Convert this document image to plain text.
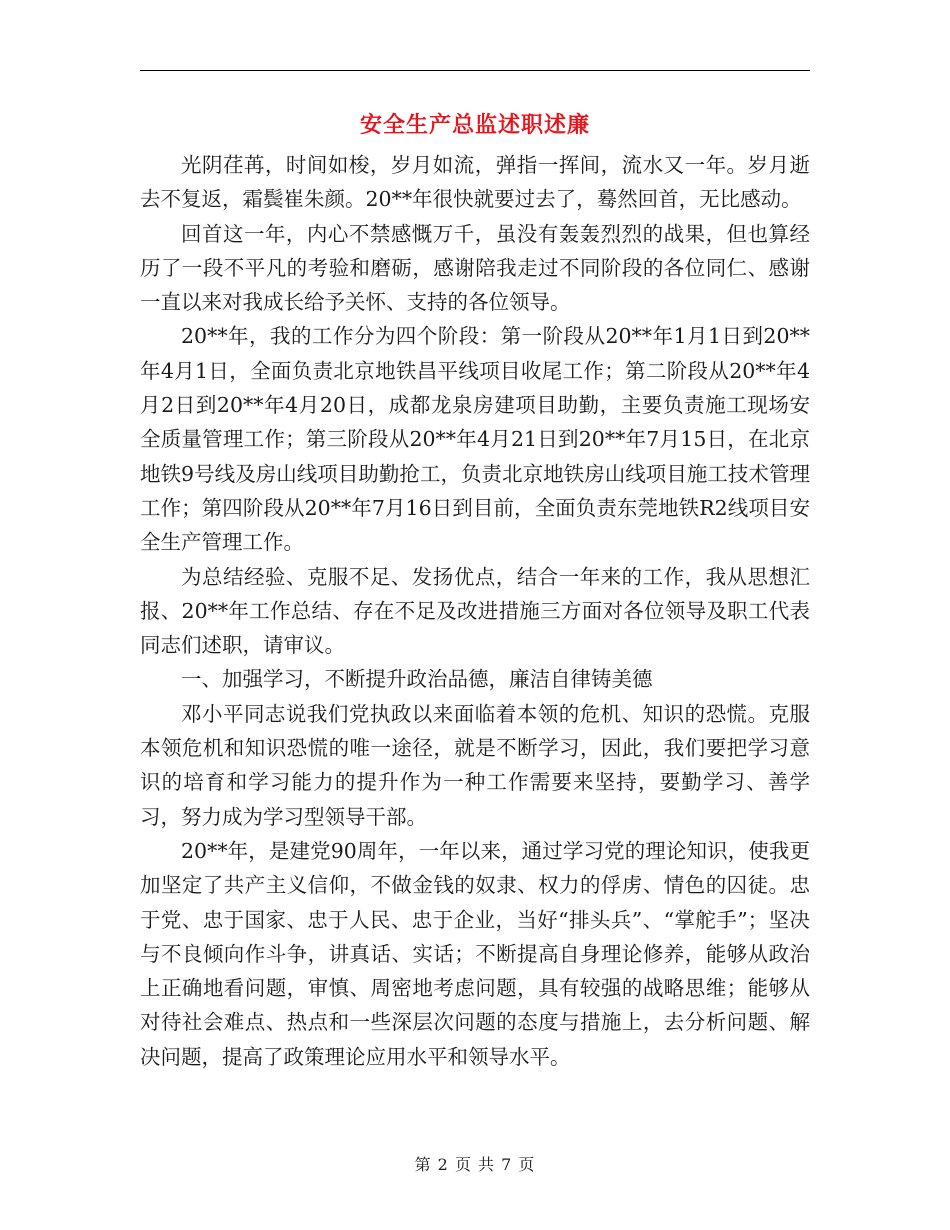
安全生产总监述职述廉

光阴荏苒，时间如梭，岁月如流，弹指一挥间，流水又一年。岁月逝去不复返，霜鬓崔朱颜。20**年很快就要过去了，蓦然回首，无比感动。

回首这一年，内心不禁感慨万千，虽没有轰轰烈烈的战果，但也算经历了一段不平凡的考验和磨砺，感谢陪我走过不同阶段的各位同仁、感谢一直以来对我成长给予关怀、支持的各位领导。

20**年，我的工作分为四个阶段：第一阶段从20**年1月1日到20**年4月1日，全面负责北京地铁昌平线项目收尾工作；第二阶段从20**年4月2日到20**年4月20日，成都龙泉房建项目助勤，主要负责施工现场安全质量管理工作；第三阶段从20**年4月21日到20**年7月15日，在北京地铁9号线及房山线项目助勤抢工，负责北京地铁房山线项目施工技术管理工作；第四阶段从20**年7月16日到目前，全面负责东莞地铁R2线项目安全生产管理工作。

为总结经验、克服不足、发扬优点，结合一年来的工作，我从思想汇报、20**年工作总结、存在不足及改进措施三方面对各位领导及职工代表同志们述职，请审议。

一、加强学习，不断提升政治品德，廉洁自律铸美德

邓小平同志说我们党执政以来面临着本领的危机、知识的恐慌。克服本领危机和知识恐慌的唯一途径，就是不断学习，因此，我们要把学习意识的培育和学习能力的提升作为一种工作需要来坚持，要勤学习、善学习，努力成为学习型领导干部。

20**年，是建党90周年，一年以来，通过学习党的理论知识，使我更加坚定了共产主义信仰，不做金钱的奴隶、权力的俘虏、情色的囚徒。忠于党、忠于国家、忠于人民、忠于企业，当好“排头兵”、“掌舵手”；坚决与不良倾向作斗争，讲真话、实话；不断提高自身理论修养，能够从政治上正确地看问题，审慎、周密地考虑问题，具有较强的战略思维；能够从对待社会难点、热点和一些深层次问题的态度与措施上，去分析问题、解决问题，提高了政策理论应用水平和领导水平。

第 2 页 共 7 页
